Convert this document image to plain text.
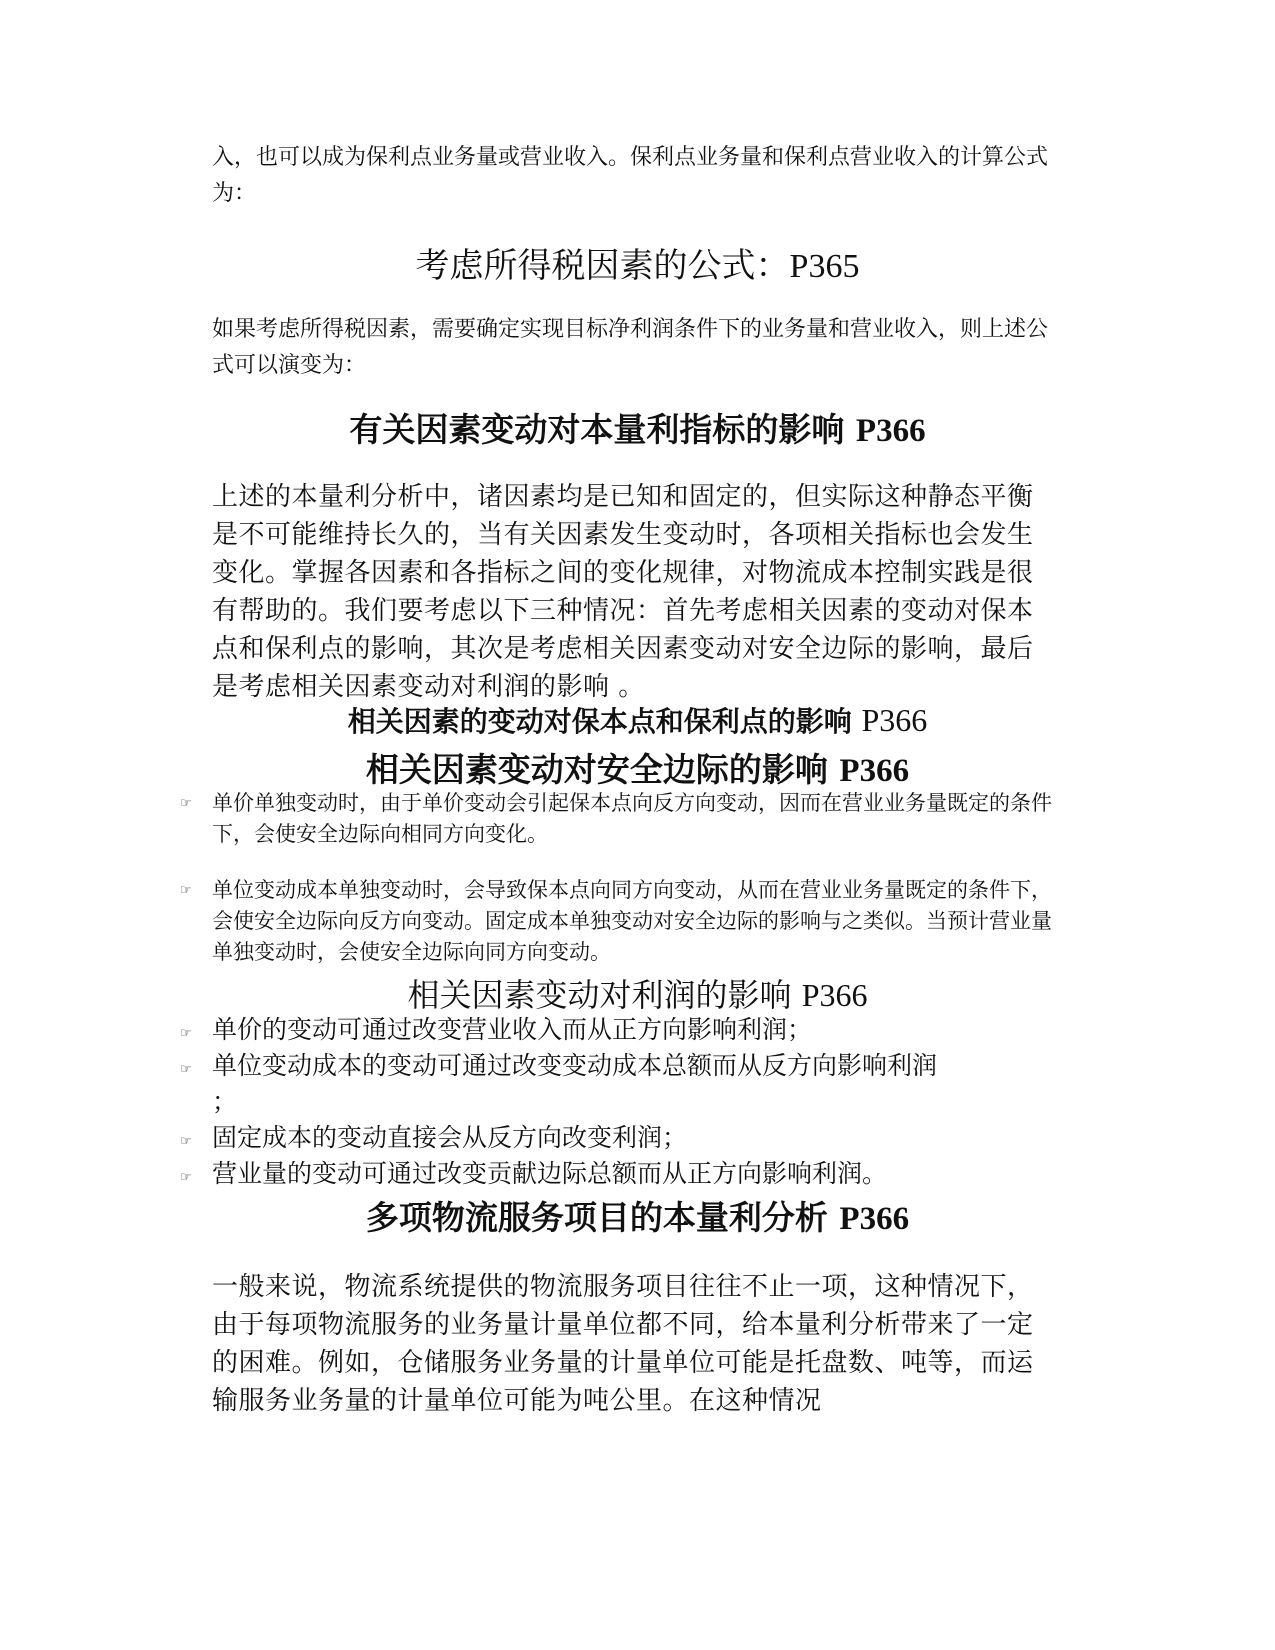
入，也可以成为保利点业务量或营业收入。保利点业务量和保利点营业收入的计算公式为：

考虑所得税因素的公式：P365

如果考虑所得税因素，需要确定实现目标净利润条件下的业务量和营业收入，则上述公式可以演变为：

有关因素变动对本量利指标的影响 P366

上述的本量利分析中，诸因素均是已知和固定的，但实际这种静态平衡是不可能维持长久的，当有关因素发生变动时，各项相关指标也会发生变化。掌握各因素和各指标之间的变化规律，对物流成本控制实践是很有帮助的。我们要考虑以下三种情况：首先考虑相关因素的变动对保本点和保利点的影响，其次是考虑相关因素变动对安全边际的影响，最后是考虑相关因素变动对利润的影响 。

相关因素的变动对保本点和保利点的影响 P366
相关因素变动对安全边际的影响 P366
☞ 单价单独变动时，由于单价变动会引起保本点向反方向变动，因而在营业业务量既定的条件下，会使安全边际向相同方向变化。
☞ 单位变动成本单独变动时，会导致保本点向同方向变动，从而在营业业务量既定的条件下，会使安全边际向反方向变动。固定成本单独变动对安全边际的影响与之类似。当预计营业量单独变动时，会使安全边际向同方向变动。
相关因素变动对利润的影响 P366
☞ 单价的变动可通过改变营业收入而从正方向影响利润；
☞ 单位变动成本的变动可通过改变变动成本总额而从反方向影响利润
；
☞ 固定成本的变动直接会从反方向改变利润；
☞ 营业量的变动可通过改变贡献边际总额而从正方向影响利润。
多项物流服务项目的本量利分析 P366

一般来说，物流系统提供的物流服务项目往往不止一项，这种情况下，由于每项物流服务的业务量计量单位都不同，给本量利分析带来了一定的困难。例如，仓储服务业务量的计量单位可能是托盘数、吨等，而运输服务业务量的计量单位可能为吨公里。在这种情况
